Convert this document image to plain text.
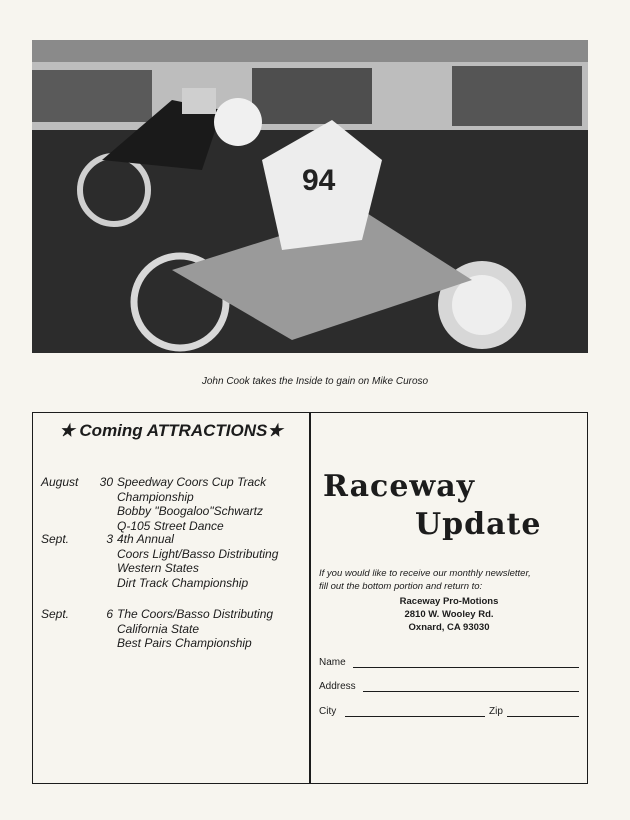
94
John Cook takes the Inside to gain on Mike Curoso
★ Coming ATTRACTIONS★
August	30 Speedway Coors Cup Track
Championship
Bobby "Boogaloo"Schwartz
Q-105 Street Dance
Sept.	3 4th Annual
Coors Light/Basso Distributing
Western States
Dirt Track Championship
Sept.	6 The Coors/Basso Distributing
California State
Best Pairs Championship
Raceway
Update
If you would like to receive our monthly newsletter,
fill out the bottom portion and return to:
Raceway Pro-Motions
2810 W. Wooley Rd.
Oxnard, CA 93030
Name
Address
City	Zip
